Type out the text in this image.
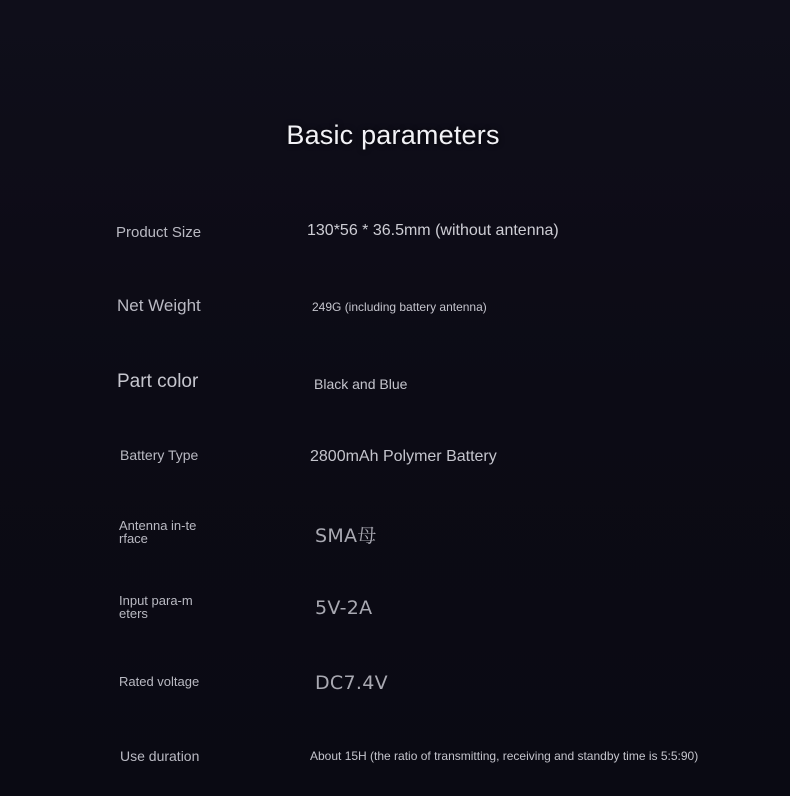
Basic parameters
Product Size	130*56 * 36.5mm (without antenna)
Net Weight	249G (including battery antenna)
Part color	Black and Blue
Battery Type	2800mAh Polymer Battery
Antenna in-terface	SMA母
Input para-meters	5V-2A
Rated voltage	DC7.4V
Use duration	About 15H (the ratio of transmitting, receiving and standby time is 5:5:90)
